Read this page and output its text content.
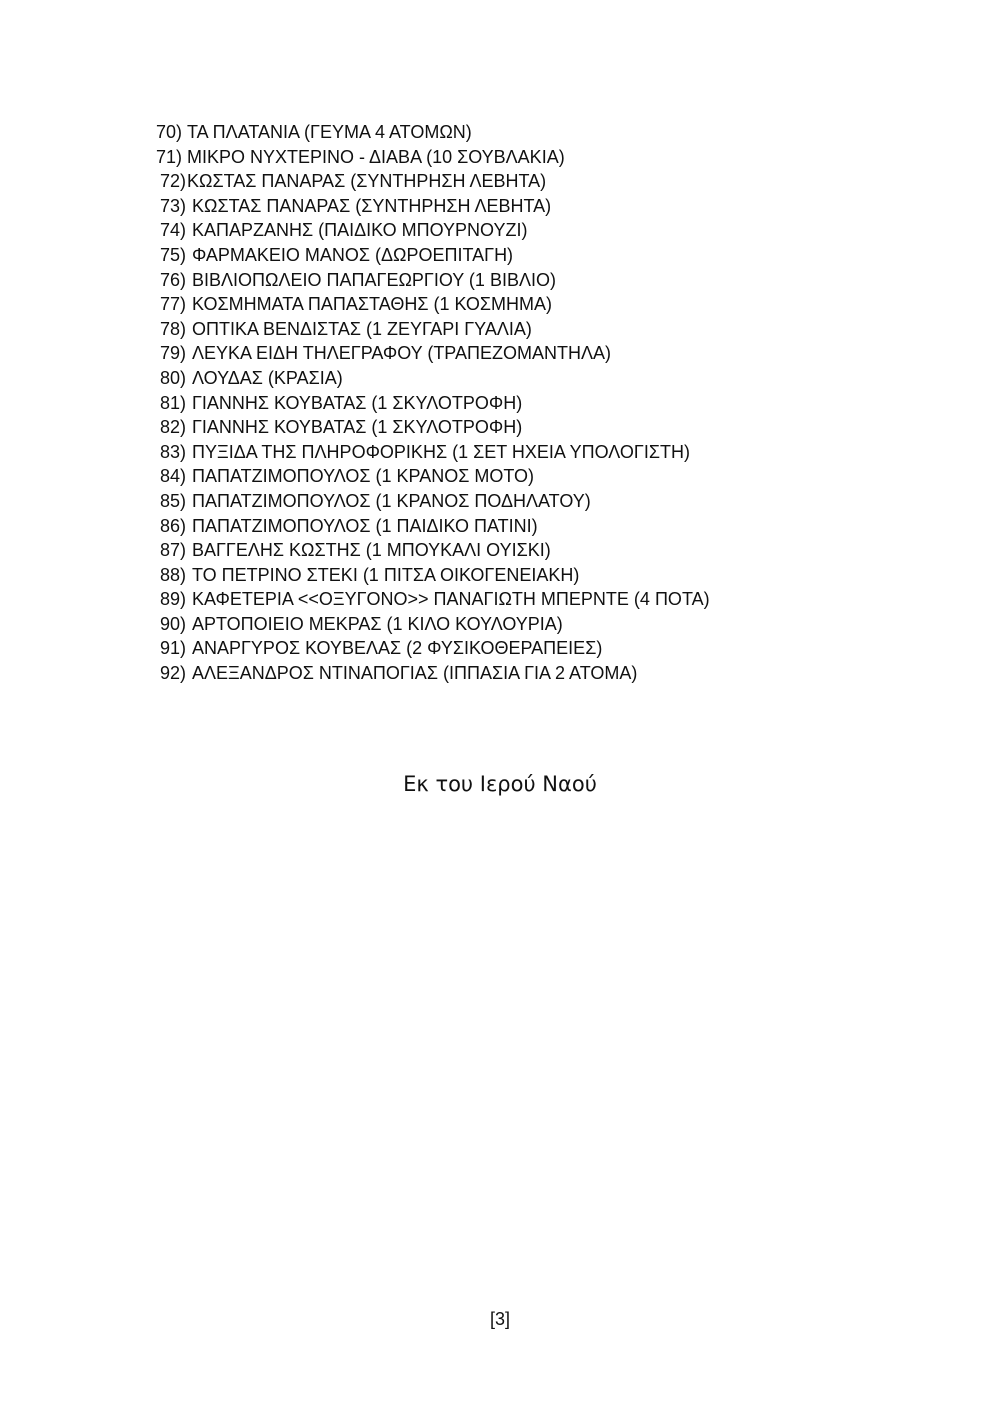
70) ΤΑ ΠΛΑΤΑΝΙΑ (ΓΕΥΜΑ 4 ΑΤΟΜΩΝ)
71) ΜΙΚΡΟ ΝΥΧΤΕΡΙΝΟ - ΔΙΑΒΑ (10 ΣΟΥΒΛΑΚΙΑ)
72) ΚΩΣΤΑΣ ΠΑΝΑΡΑΣ (ΣΥΝΤΗΡΗΣΗ ΛΕΒΗΤΑ)
73) ΚΩΣΤΑΣ ΠΑΝΑΡΑΣ (ΣΥΝΤΗΡΗΣΗ ΛΕΒΗΤΑ)
74) ΚΑΠΑΡΖΑΝΗΣ (ΠΑΙΔΙΚΟ ΜΠΟΥΡΝΟΥΖΙ)
75) ΦΑΡΜΑΚΕΙΟ ΜΑΝΟΣ (ΔΩΡΟΕΠΙΤΑΓΗ)
76) ΒΙΒΛΙΟΠΩΛΕΙΟ ΠΑΠΑΓΕΩΡΓΙΟΥ (1 ΒΙΒΛΙΟ)
77) ΚΟΣΜΗΜΑΤΑ ΠΑΠΑΣΤΑΘΗΣ (1 ΚΟΣΜΗΜΑ)
78) ΟΠΤΙΚΑ ΒΕΝΔΙΣΤΑΣ (1 ΖΕΥΓΑΡΙ ΓΥΑΛΙΑ)
79) ΛΕΥΚΑ ΕΙΔΗ ΤΗΛΕΓΡΑΦΟΥ (ΤΡΑΠΕΖΟΜΑΝΤΗΛΑ)
80) ΛΟΥΔΑΣ (ΚΡΑΣΙΑ)
81) ΓΙΑΝΝΗΣ ΚΟΥΒΑΤΑΣ (1 ΣΚΥΛΟΤΡΟΦΗ)
82) ΓΙΑΝΝΗΣ ΚΟΥΒΑΤΑΣ (1 ΣΚΥΛΟΤΡΟΦΗ)
83) ΠΥΞΙΔΑ ΤΗΣ ΠΛΗΡΟΦΟΡΙΚΗΣ (1 ΣΕΤ ΗΧΕΙΑ ΥΠΟΛΟΓΙΣΤΗ)
84) ΠΑΠΑΤΖΙΜΟΠΟΥΛΟΣ (1 ΚΡΑΝΟΣ ΜΟΤΟ)
85) ΠΑΠΑΤΖΙΜΟΠΟΥΛΟΣ (1 ΚΡΑΝΟΣ ΠΟΔΗΛΑΤΟΥ)
86) ΠΑΠΑΤΖΙΜΟΠΟΥΛΟΣ (1 ΠΑΙΔΙΚΟ ΠΑΤΙΝΙ)
87) ΒΑΓΓΕΛΗΣ ΚΩΣΤΗΣ (1 ΜΠΟΥΚΑΛΙ ΟΥΙΣΚΙ)
88) ΤΟ ΠΕΤΡΙΝΟ ΣΤΕΚΙ (1 ΠΙΤΣΑ ΟΙΚΟΓΕΝΕΙΑΚΗ)
89) ΚΑΦΕΤΕΡΙΑ <<ΟΞΥΓΟΝΟ>> ΠΑΝΑΓΙΩΤΗ ΜΠΕΡΝΤΕ (4 ΠΟΤΑ)
90) ΑΡΤΟΠΟΙΕΙΟ ΜΕΚΡΑΣ (1 ΚΙΛΟ ΚΟΥΛΟΥΡΙΑ)
91) ΑΝΑΡΓΥΡΟΣ ΚΟΥΒΕΛΑΣ (2 ΦΥΣΙΚΟΘΕΡΑΠΕΙΕΣ)
92) ΑΛΕΞΑΝΔΡΟΣ ΝΤΙΝΑΠΟΓΙΑΣ (ΙΠΠΑΣΙΑ ΓΙΑ 2 ΑΤΟΜΑ)
Εκ του Ιερού Ναού
[3]
